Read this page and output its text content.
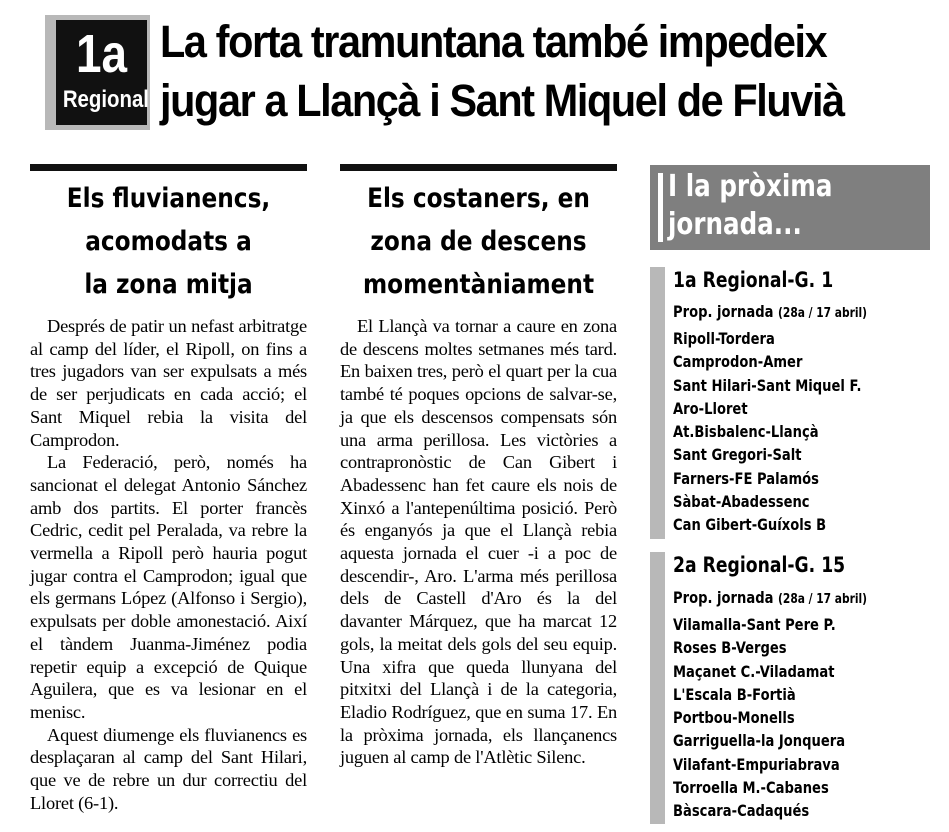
1a
Regional
La forta tramuntana també impedeix
jugar a Llançà i Sant Miquel de Fluvià
Els fluvianencs,
acomodats a
la zona mitja

Després de patir un nefast arbitratge al camp del líder, el Ripoll, on fins a tres jugadors van ser expulsats a més de ser perjudicats en cada acció; el Sant Miquel rebia la visita del Camprodon.

La Federació, però, només ha sancionat el delegat Antonio Sánchez amb dos partits. El porter francès Cedric, cedit pel Peralada, va rebre la vermella a Ripoll però hauria pogut jugar contra el Camprodon; igual que els germans López (Alfonso i Sergio), expulsats per doble amonestació. Així el tàndem Juanma-Jiménez podia repetir equip a excepció de Quique Aguilera, que es va lesionar en el menisc.

Aquest diumenge els fluvianencs es desplaçaran al camp del Sant Hilari, que ve de rebre un dur correctiu del Lloret (6-1).

Els costaners, en
zona de descens
momentàniament

El Llançà va tornar a caure en zona de descens moltes setmanes més tard. En baixen tres, però el quart per la cua també té poques opcions de salvar-se, ja que els descensos compensats són una arma perillosa. Les victòries a contrapronòstic de Can Gibert i Abadessenc han fet caure els nois de Xinxó a l'antepenúltima posició. Però és enganyós ja que el Llançà rebia aquesta jornada el cuer -i a poc de descendir-, Aro. L'arma més perillosa dels de Castell d'Aro és la del davanter Márquez, que ha marcat 12 gols, la meitat dels gols del seu equip. Una xifra que queda llunyana del pitxitxi del Llançà i de la categoria, Eladio Rodríguez, que en suma 17. En la pròxima jornada, els llançanencs juguen al camp de l'Atlètic Silenc.

I la pròxima
jornada...
1a Regional-G. 1
Prop. jornada (28a / 17 abril)
Ripoll-Tordera
Camprodon-Amer
Sant Hilari-Sant Miquel F.
Aro-Lloret
At.Bisbalenc-Llançà
Sant Gregori-Salt
Farners-FE Palamós
Sàbat-Abadessenc
Can Gibert-Guíxols B
2a Regional-G. 15
Prop. jornada (28a / 17 abril)
Vilamalla-Sant Pere P.
Roses B-Verges
Maçanet C.-Viladamat
L'Escala B-Fortià
Portbou-Monells
Garriguella-la Jonquera
Vilafant-Empuriabrava
Torroella M.-Cabanes
Bàscara-Cadaqués
